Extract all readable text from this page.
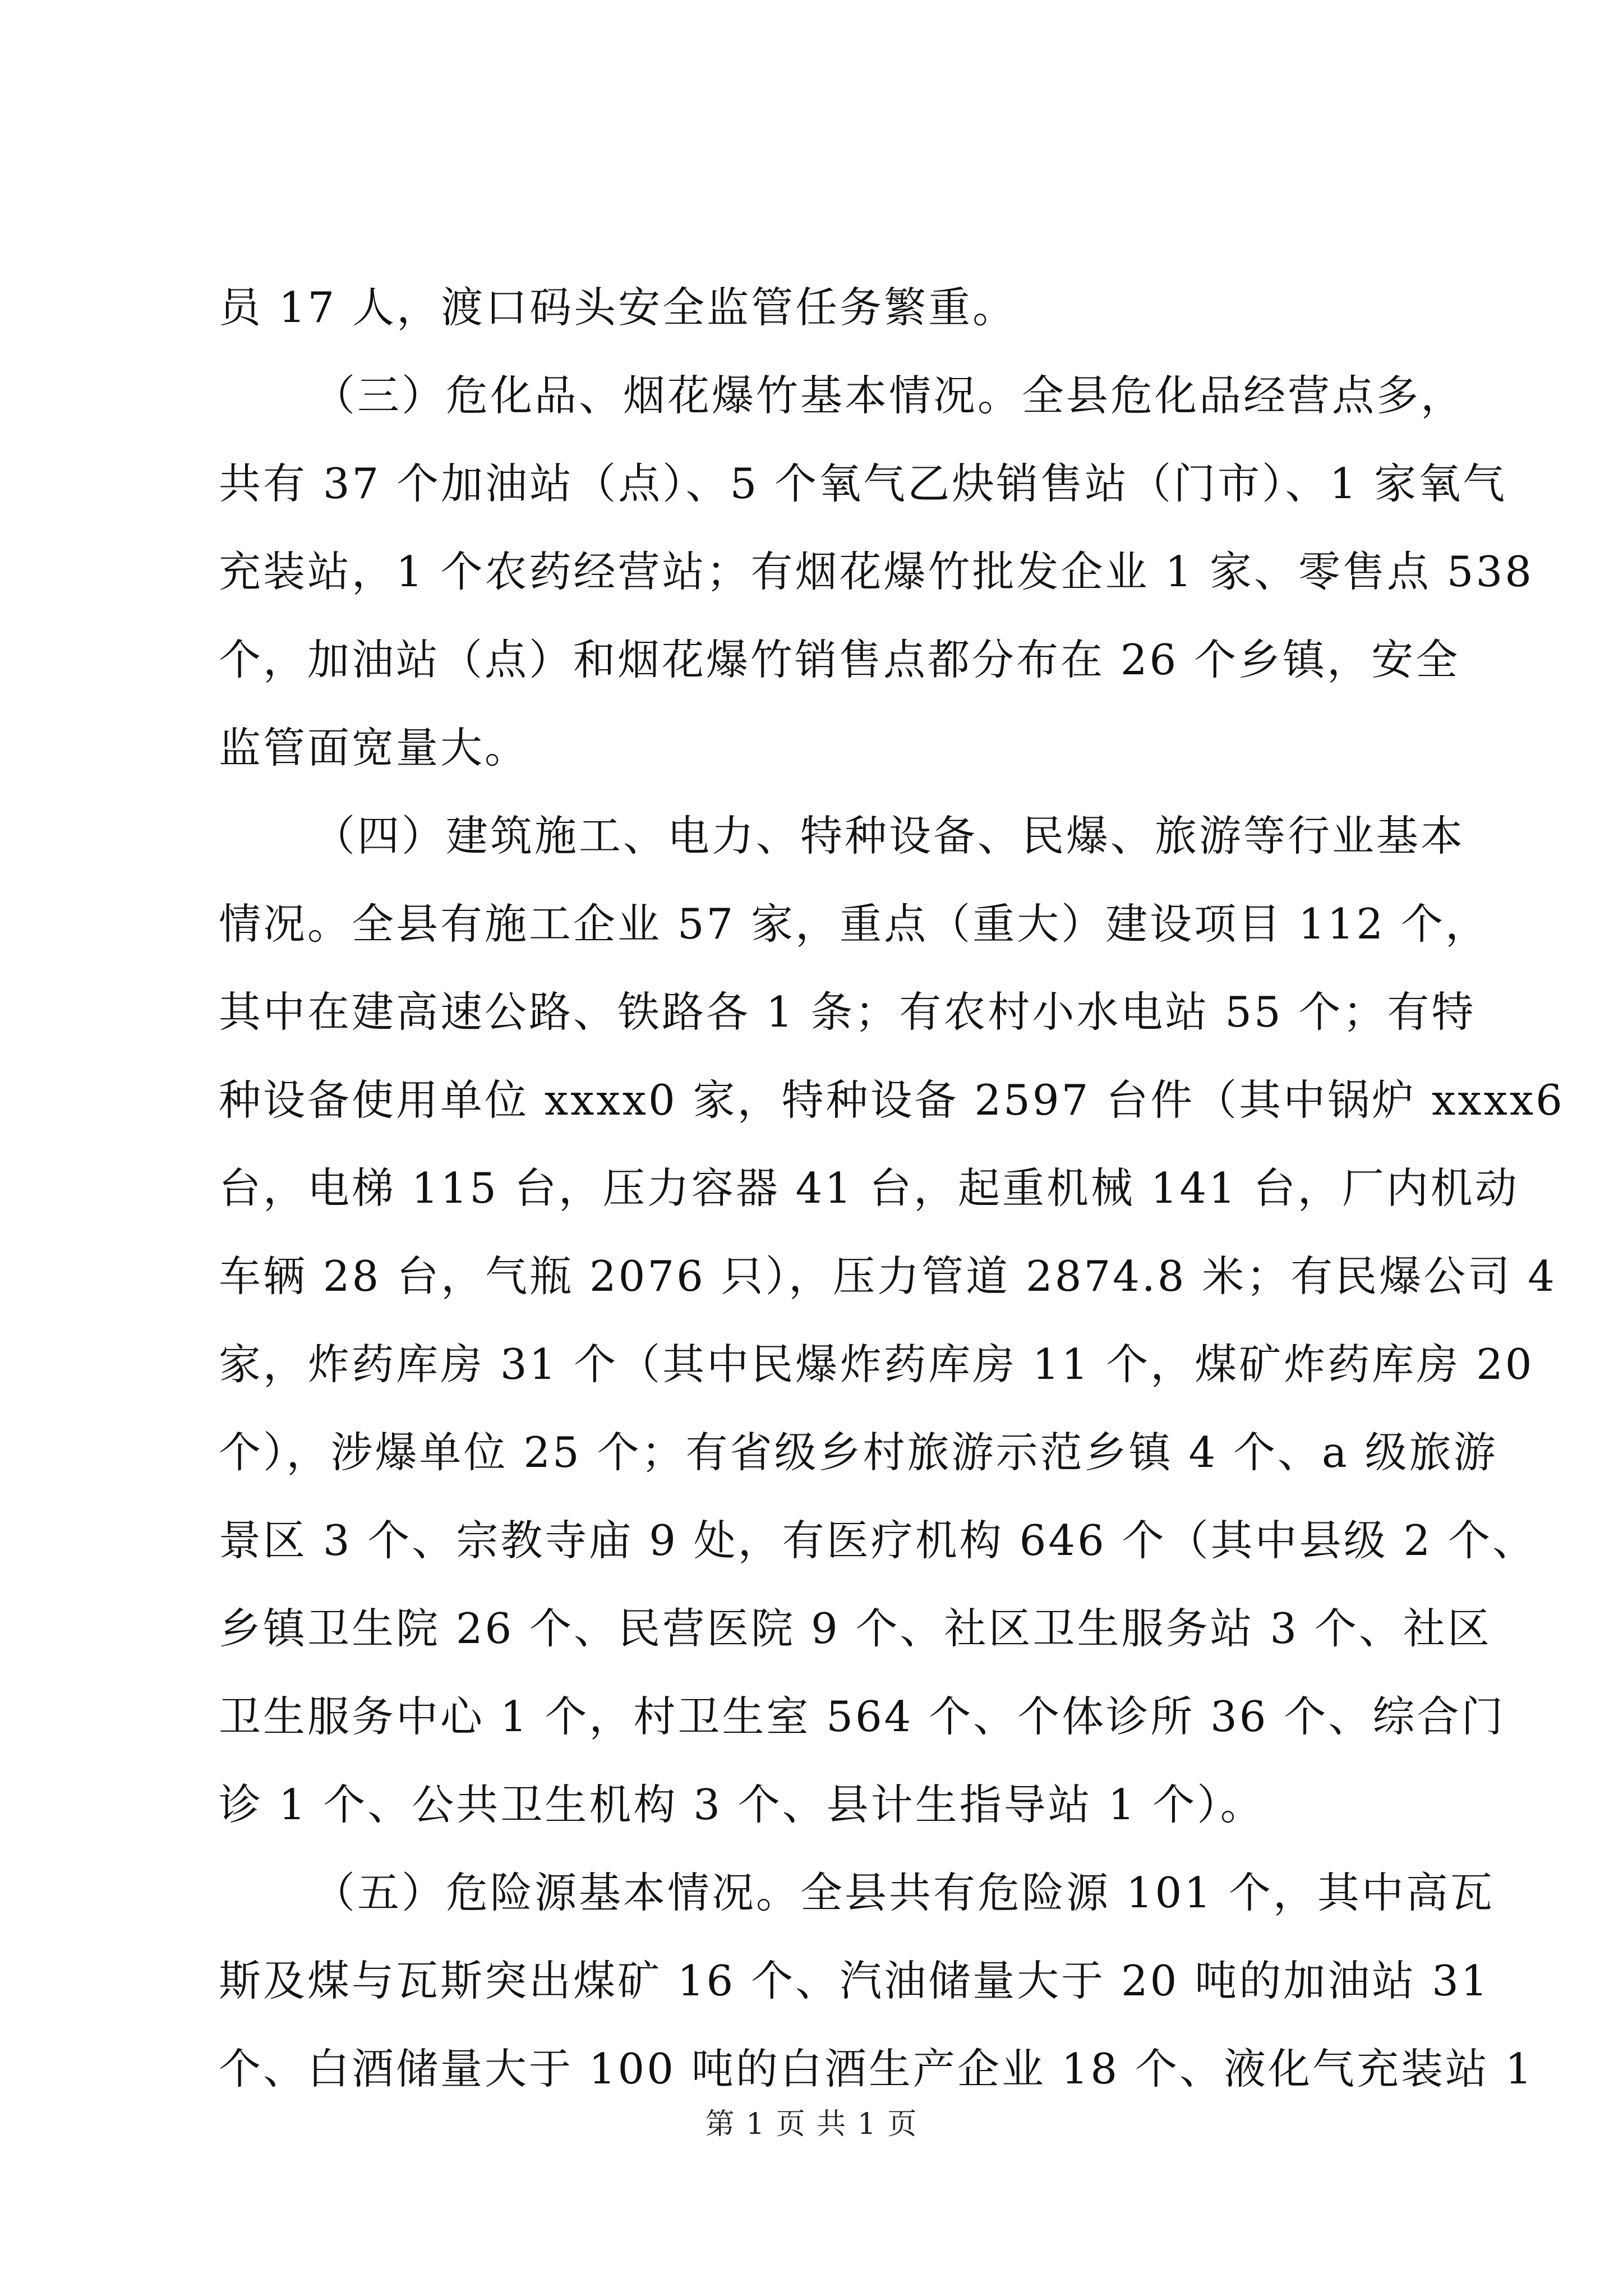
员 17 人，渡口码头安全监管任务繁重。
（三）危化品、烟花爆竹基本情况。全县危化品经营点多，
共有 37 个加油站（点）、5 个氧气乙炔销售站（门市）、1 家氧气
充装站，1 个农药经营站；有烟花爆竹批发企业 1 家、零售点 538
个，加油站（点）和烟花爆竹销售点都分布在 26 个乡镇，安全
监管面宽量大。
（四）建筑施工、电力、特种设备、民爆、旅游等行业基本
情况。全县有施工企业 57 家，重点（重大）建设项目 112 个，
其中在建高速公路、铁路各 1 条；有农村小水电站 55 个；有特
种设备使用单位 xxxx0 家，特种设备 2597 台件（其中锅炉 xxxx6
台，电梯 115 台，压力容器 41 台，起重机械 141 台，厂内机动
车辆 28 台，气瓶 2076 只），压力管道 2874.8 米；有民爆公司 4
家，炸药库房 31 个（其中民爆炸药库房 11 个，煤矿炸药库房 20
个），涉爆单位 25 个；有省级乡村旅游示范乡镇 4 个、a 级旅游
景区 3 个、宗教寺庙 9 处，有医疗机构 646 个（其中县级 2 个、
乡镇卫生院 26 个、民营医院 9 个、社区卫生服务站 3 个、社区
卫生服务中心 1 个，村卫生室 564 个、个体诊所 36 个、综合门
诊 1 个、公共卫生机构 3 个、县计生指导站 1 个）。
（五）危险源基本情况。全县共有危险源 101 个，其中高瓦
斯及煤与瓦斯突出煤矿 16 个、汽油储量大于 20 吨的加油站 31
个、白酒储量大于 100 吨的白酒生产企业 18 个、液化气充装站 1
第 1 页 共 1 页
